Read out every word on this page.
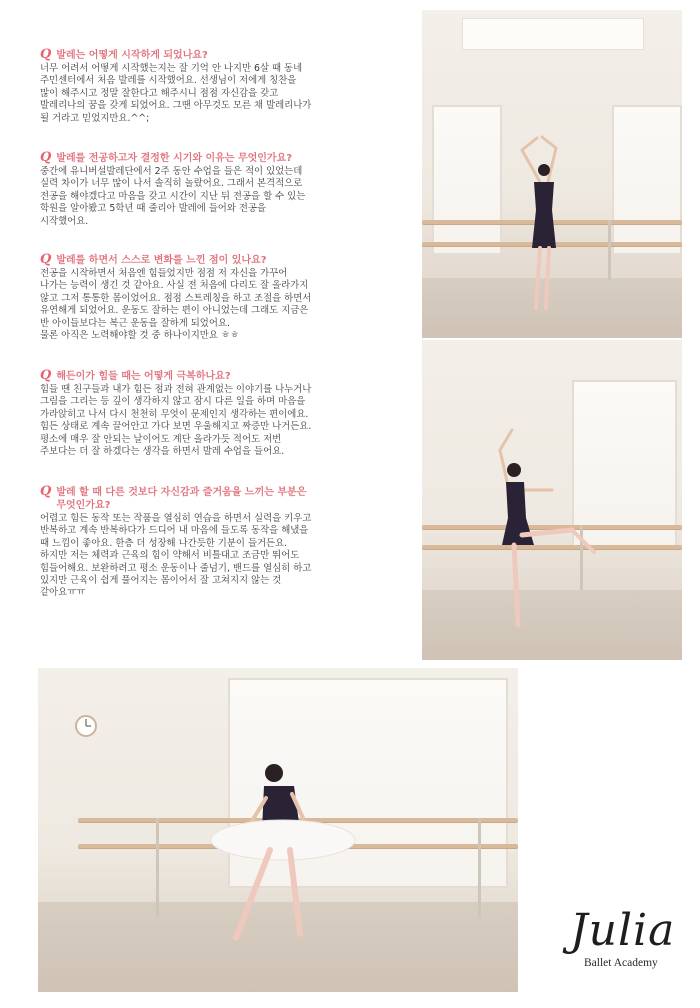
Q 발레는 어떻게 시작하게 되었나요?
너무 어려서 어떻게 시작했는지는 잘 기억 안 나지만 6살 때 동네
주민센터에서 처음 발레를 시작했어요. 선생님이 저에게 칭찬을
많이 해주시고 정말 잘한다고 해주시니 점점 자신감을 갖고
발레리나의 꿈을 갖게 되었어요. 그땐 아무것도 모른 채 발레리나가
될 거라고 믿었지만요.^^;
Q 발레를 전공하고자 결정한 시기와 이유는 무엇인가요?
중간에 유니버설발레단에서 2주 동안 수업을 들은 적이 있었는데
실력 차이가 너무 많이 나서 솔직히 놀랐어요. 그래서 본격적으로
전공을 해야겠다고 마음을 갖고 시간이 지난 뒤 전공을 할 수 있는
학원을 알아봤고 5학년 때 줄리아 발레에 들어와 전공을
시작했어요.
Q 발레를 하면서 스스로 변화를 느낀 점이 있나요?
전공을 시작하면서 처음엔 힘들었지만 점점 저 자신을 가꾸어
나가는 능력이 생긴 것 같아요. 사실 전 처음에 다리도 잘 올라가지
않고 그저 통통한 몸이었어요. 점점 스트레칭을 하고 조절을 하면서
유연해게 되었어요. 운동도 잘하는 편이 아니었는데 그래도 지금은
반 아이들보다는 복근 운동을 잘하게 되었어요.
물론 아직은 노력해야할 것 중 하나이지만요 ㅎㅎ
Q 해든이가 힘들 때는 어떻게 극복하나요?
힘들 땐 친구들과 내가 힘든 점과 전혀 관계없는 이야기를 나누거나
그림을 그리는 등 깊이 생각하지 않고 잠시 다른 일을 하며 마음을
가라앉히고 나서 다시 천천히 무엇이 문제인지 생각하는 편이에요.
힘든 상태로 계속 끌어안고 가다 보면 우울해지고 짜증만 나거든요.
평소에 매우 잘 안되는 날이어도 계단 올라가듯 적어도 저번
주보다는 더 잘 하겠다는 생각을 하면서 발레 수업을 들어요.
Q 발레 할 때 다른 것보다 자신감과 즐거움을 느끼는 부분은
무엇인가요?
어렵고 힘든 동작 또는 작품을 열심히 연습을 하면서 실력을 키우고
반복하고 계속 반복하다가 드디어 내 마음에 들도록 동작을 해냈을
때 느낌이 좋아요. 한층 더 성장해 나간듯한 기분이 들거든요.
하지만 저는 체력과 근육의 힘이 약해서 비틀대고 조금만 뛰어도
힘들어해요. 보완하려고 평소 운동이나 줄넘기, 밴드를 열심히 하고
있지만 근육이 쉽게 풀어지는 몸이어서 잘 고쳐지지 않는 것
같아요ㅠㅠ
Julia
Ballet Academy
